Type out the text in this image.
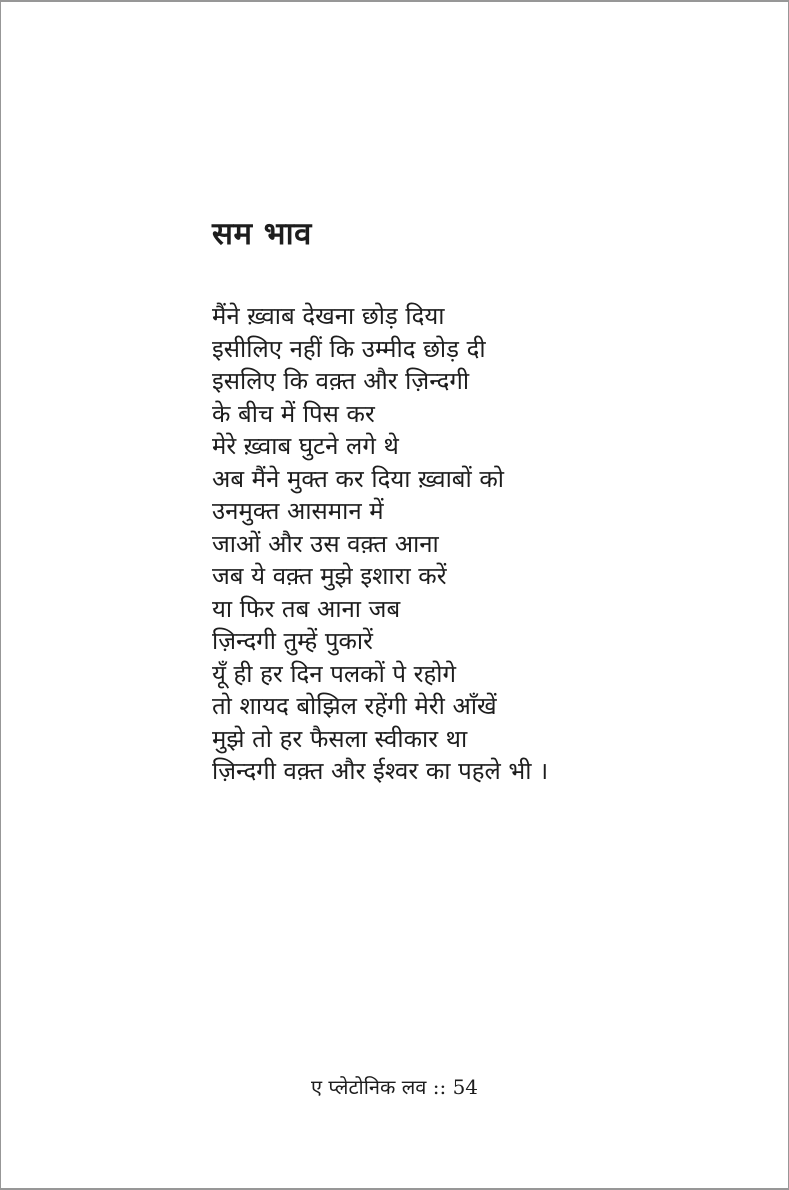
सम भाव
मैंने ख़्वाब देखना छोड़ दिया
इसीलिए नहीं कि उम्मीद छोड़ दी
इसलिए कि वक़्त और ज़िन्दगी
के बीच में पिस कर
मेरे ख़्वाब घुटने लगे थे
अब मैंने मुक्त कर दिया ख़्वाबों को
उनमुक्त आसमान में
जाओं और उस वक़्त आना
जब ये वक़्त मुझे इशारा करें
या फिर तब आना जब
ज़िन्दगी तुम्हें पुकारें
यूँ ही हर दिन पलकों पे रहोगे
तो शायद बोझिल रहेंगी मेरी आँखें
मुझे तो हर फैसला स्वीकार था
ज़िन्दगी वक़्त और ईश्वर का पहले भी ।
ए प्लेटोनिक लव :: 54
